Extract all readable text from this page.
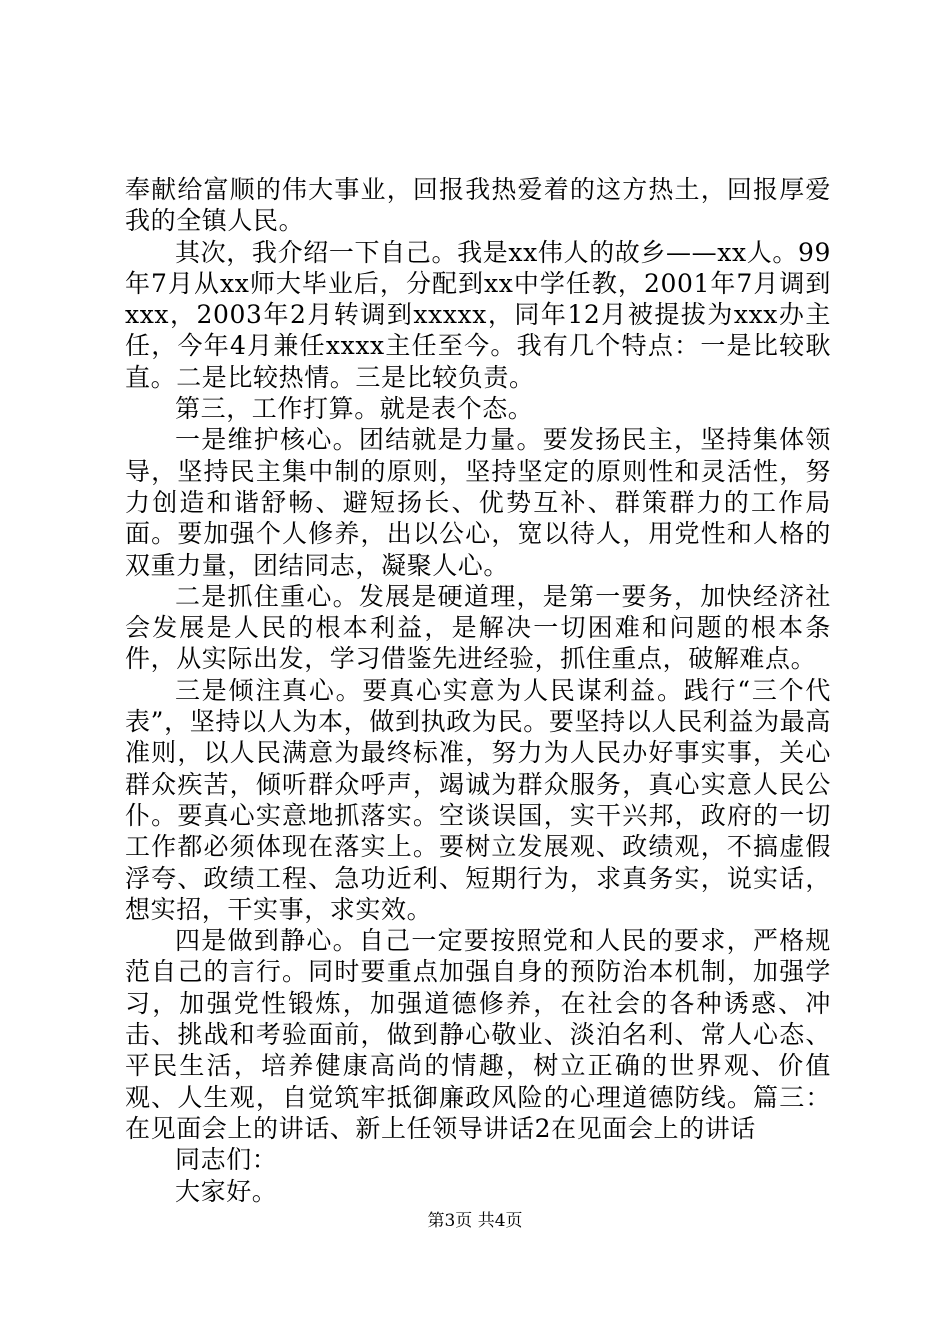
奉献给富顺的伟大事业，回报我热爱着的这方热土，回报厚爱我的全镇人民。

其次，我介绍一下自己。我是xx伟人的故乡——xx人。99年7月从xx师大毕业后，分配到xx中学任教，2001年7月调到xxx，2003年2月转调到xxxxx，同年12月被提拔为xxx办主任，今年4月兼任xxxx主任至今。我有几个特点：一是比较耿直。二是比较热情。三是比较负责。

第三，工作打算。就是表个态。

一是维护核心。团结就是力量。要发扬民主，坚持集体领导，坚持民主集中制的原则，坚持坚定的原则性和灵活性，努力创造和谐舒畅、避短扬长、优势互补、群策群力的工作局面。要加强个人修养，出以公心，宽以待人，用党性和人格的双重力量，团结同志，凝聚人心。

二是抓住重心。发展是硬道理，是第一要务，加快经济社会发展是人民的根本利益，是解决一切困难和问题的根本条件，从实际出发，学习借鉴先进经验，抓住重点，破解难点。

三是倾注真心。要真心实意为人民谋利益。践行“三个代表”，坚持以人为本，做到执政为民。要坚持以人民利益为最高准则，以人民满意为最终标准，努力为人民办好事实事，关心群众疾苦，倾听群众呼声，竭诚为群众服务，真心实意人民公仆。要真心实意地抓落实。空谈误国，实干兴邦，政府的一切工作都必须体现在落实上。要树立发展观、政绩观，不搞虚假浮夸、政绩工程、急功近利、短期行为，求真务实，说实话，想实招，干实事，求实效。

四是做到静心。自己一定要按照党和人民的要求，严格规范自己的言行。同时要重点加强自身的预防治本机制，加强学习，加强党性锻炼，加强道德修养，在社会的各种诱惑、冲击、挑战和考验面前，做到静心敬业、淡泊名利、常人心态、平民生活，培养健康高尚的情趣，树立正确的世界观、价值观、人生观，自觉筑牢抵御廉政风险的心理道德防线。篇三：在见面会上的讲话、新上任领导讲话2在见面会上的讲话

同志们：

大家好。

第3页 共4页
